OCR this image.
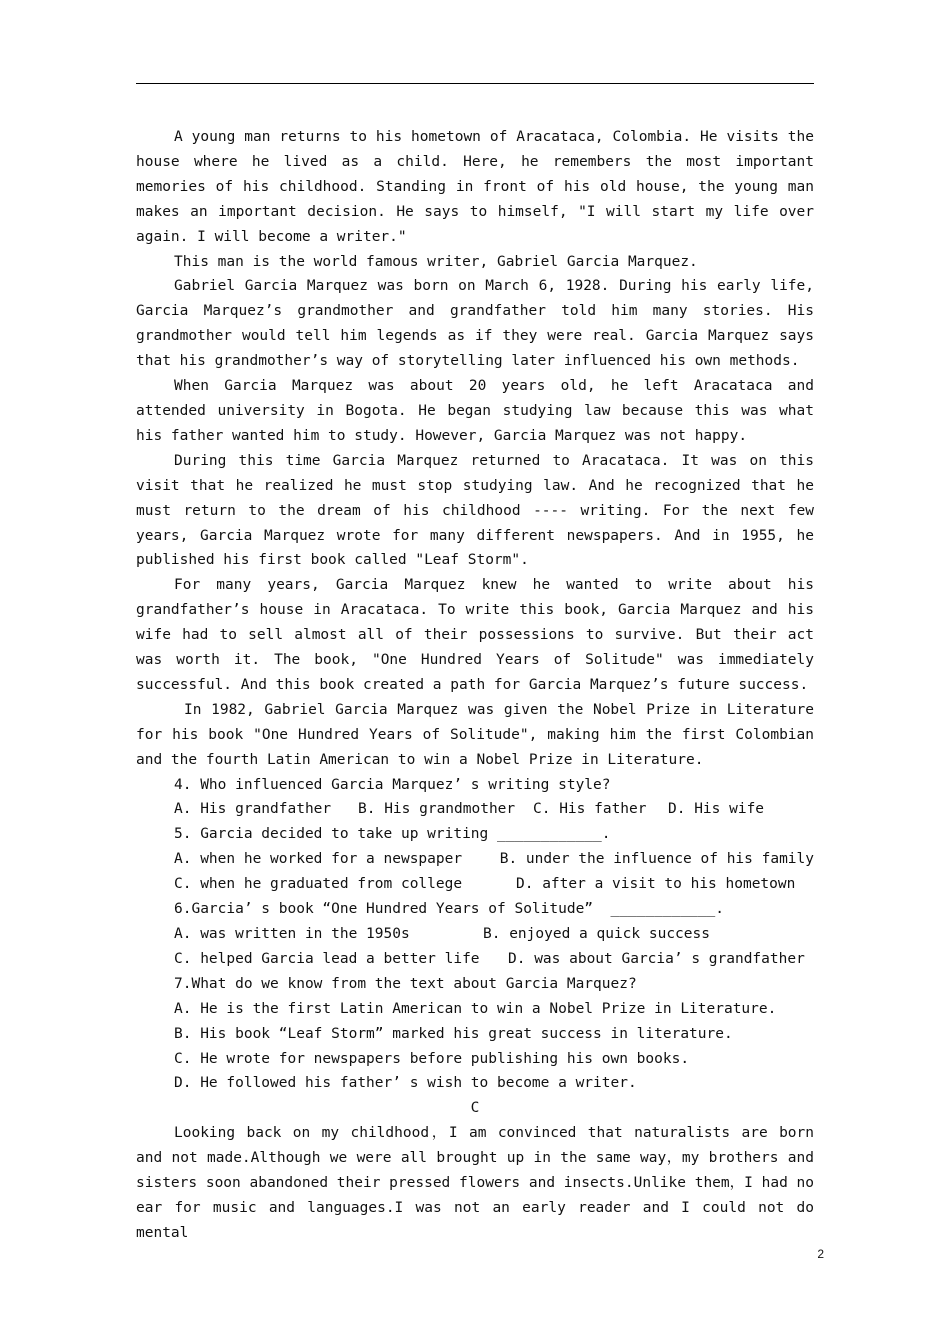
A young man returns to his hometown of Aracataca, Colombia. He visits the house where he lived as a child. Here, he remembers the most important memories of his childhood. Standing in front of his old house, the young man makes an important decision. He says to himself, "I will start my life over again. I will become a writer."

This man is the world famous writer, Gabriel Garcia Marquez.

Gabriel Garcia Marquez was born on March 6, 1928. During his early life, Garcia Marquez’s grandmother and grandfather told him many stories. His grandmother would tell him legends as if they were real. Garcia Marquez says that his grandmother’s way of storytelling later influenced his own methods.

When Garcia Marquez was about 20 years old, he left Aracataca and attended university in Bogota. He began studying law because this was what his father wanted him to study. However, Garcia Marquez was not happy.

During this time Garcia Marquez returned to Aracataca. It was on this visit that he realized he must stop studying law. And he recognized that he must return to the dream of his childhood ---- writing. For the next few years, Garcia Marquez wrote for many different newspapers. And in 1955, he published his first book called "Leaf Storm".

For many years, Garcia Marquez knew he wanted to write about his grandfather’s house in Aracataca. To write this book, Garcia Marquez and his wife had to sell almost all of their possessions to survive. But their act was worth it. The book, "One Hundred Years of Solitude" was immediately successful. And this book created a path for Garcia Marquez’s future success.

In 1982, Gabriel Garcia Marquez was given the Nobel Prize in Literature for his book "One Hundred Years of Solitude", making him the first Colombian and the fourth Latin American to win a Nobel Prize in Literature.

4. Who influenced Garcia Marquez’ s writing style?

A. His grandfather	B. His grandmother	C. His father	D. His wife

5. Garcia decided to take up writing ____________.

A. when he worked for a newspaper	B. under the influence of his family

C. when he graduated from college	D. after a visit to his hometown

6.Garcia’ s book “One Hundred Years of Solitude”  ____________.

A. was written in the 1950s	B. enjoyed a quick success

C. helped Garcia lead a better life	D. was about Garcia’ s grandfather

7.What do we know from the text about Garcia Marquez?

A. He is the first Latin American to win a Nobel Prize in Literature.

B. His book “Leaf Storm” marked his great success in literature.

C. He wrote for newspapers before publishing his own books.

D. He followed his father’ s wish to become a writer.

C

Looking back on my childhood，I am convinced that naturalists are born and not made.Although we were all brought up in the same way，my brothers and sisters soon abandoned their pressed flowers and insects.Unlike them，I had no ear for music and languages.I was not an early reader and I could not do mental

2
